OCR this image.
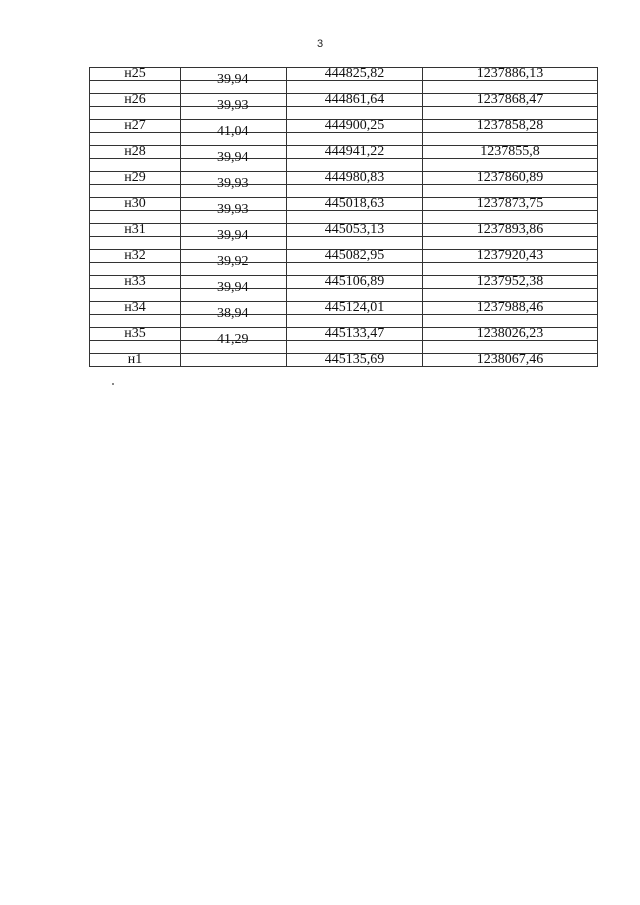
3
н25	39,94	444825,82	1237886,13

н26	39,93	444861,64	1237868,47

н27	41,04	444900,25	1237858,28

н28	39,94	444941,22	1237855,8

н29	39,93	444980,83	1237860,89

н30	39,93	445018,63	1237873,75

н31	39,94	445053,13	1237893,86

н32	39,92	445082,95	1237920,43

н33	39,94	445106,89	1237952,38

н34	38,94	445124,01	1237988,46

н35	41,29	445133,47	1238026,23

н1		445135,69	1238067,46
